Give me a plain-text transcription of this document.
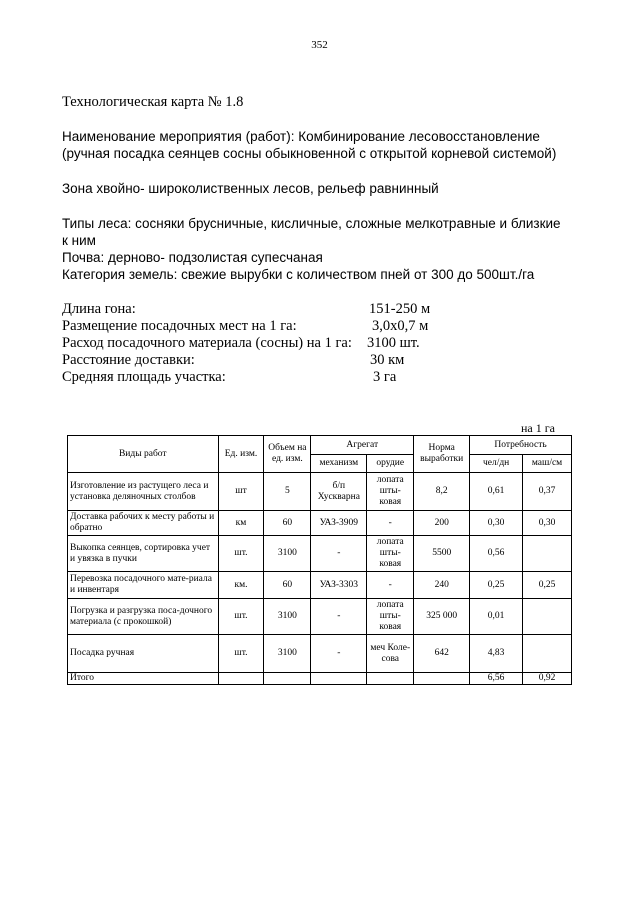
352
Технологическая карта № 1.8
Наименование мероприятия (работ): Комбинирование лесовосстановление
(ручная посадка сеянцев сосны обыкновенной с открытой корневой системой)
Зона хвойно- широколиственных лесов, рельеф равнинный
Типы леса: сосняки брусничные, кисличные, сложные мелкотравные и близкие
к ним
Почва: дерново- подзолистая супесчаная
Категория земель: свежие вырубки с количеством пней от 300 до 500шт./га
Длина гона:	151-250 м
Размещение посадочных мест на 1 га:	3,0х0,7 м
Расход посадочного материала (сосны) на 1 га: 3100 шт.
Расстояние доставки:	30 км
Средняя площадь участка:	3 га
на 1 га
Виды работ	Ед. изм.	Объем на ед. изм.	Агрегат		Норма выработки	Потребность	
			механизм	орудие		чел/дн	маш/см
Изготовление из растущего леса и установка деляночных столбов	шт	5	б/п Хускварна	лопата шты-ковая	8,2	0,61	0,37
Доставка рабочих к месту работы и обратно	км	60	УАЗ-3909	-	200	0,30	0,30
Выкопка сеянцев, сортировка учет и увязка в пучки	шт.	3100	-	лопата шты-ковая	5500	0,56	
Перевозка посадочного мате-риала и инвентаря	км.	60	УАЗ-3303	-	240	0,25	0,25
Погрузка и разгрузка поса-дочного материала (с прокошкой)	шт.	3100	-	лопата шты-ковая	325 000	0,01	
Посадка ручная	шт.	3100	-	меч Коле-сова	642	4,83	
Итого						6,56	0,92
